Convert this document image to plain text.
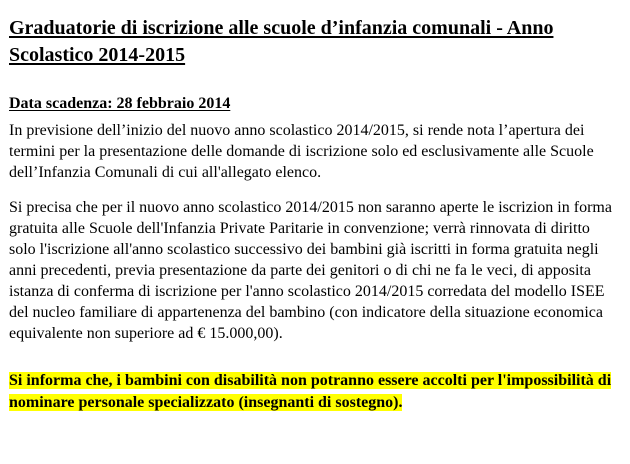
Graduatorie di iscrizione alle scuole d’infanzia comunali - Anno Scolastico 2014-2015

Data scadenza: 28 febbraio 2014

In previsione dell’inizio del nuovo anno scolastico 2014/2015, si rende nota l’apertura dei termini per la presentazione delle domande di iscrizione solo ed esclusivamente alle Scuole dell’Infanzia Comunali di cui all'allegato elenco.

Si precisa che per il nuovo anno scolastico 2014/2015 non saranno aperte le iscrizion in forma gratuita alle Scuole dell'Infanzia Private Paritarie in convenzione; verrà rinnovata di diritto solo l'iscrizione all'anno scolastico successivo dei bambini già iscritti in forma gratuita negli anni precedenti, previa presentazione da parte dei genitori o di chi ne fa le veci, di apposita istanza di conferma di iscrizione per l'anno scolastico 2014/2015 corredata del modello ISEE del nucleo familiare di appartenenza del bambino (con indicatore della situazione economica equivalente non superiore ad € 15.000,00).

Si informa che, i bambini con disabilità non potranno essere accolti per l'impossibilità di nominare personale specializzato (insegnanti di sostegno).
